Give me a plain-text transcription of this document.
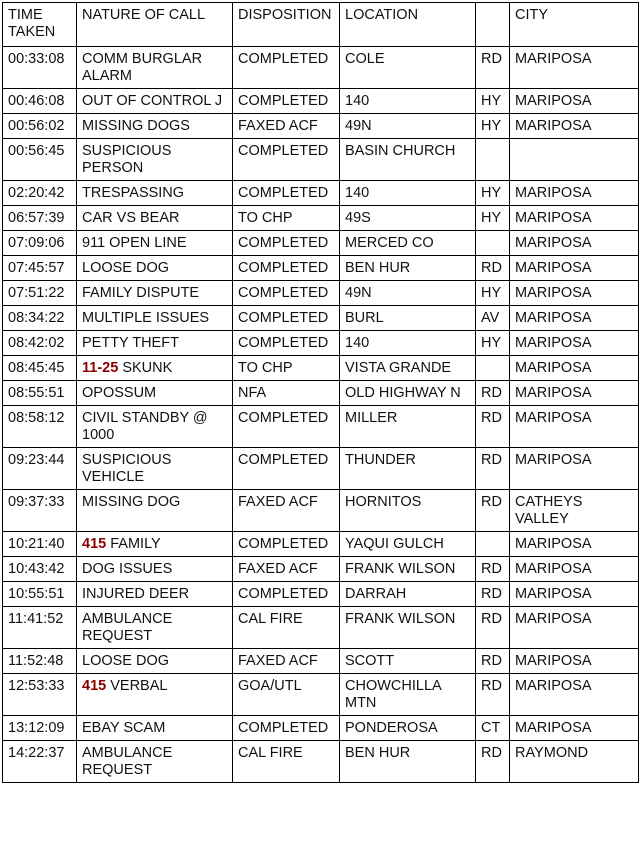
TIME TAKEN	NATURE OF CALL	DISPOSITION	LOCATION		CITY
00:33:08	COMM BURGLAR ALARM	COMPLETED	COLE	RD	MARIPOSA
00:46:08	OUT OF CONTROL J	COMPLETED	140	HY	MARIPOSA
00:56:02	MISSING DOGS	FAXED ACF	49N	HY	MARIPOSA
00:56:45	SUSPICIOUS PERSON	COMPLETED	BASIN CHURCH		
02:20:42	TRESPASSING	COMPLETED	140	HY	MARIPOSA
06:57:39	CAR VS BEAR	TO CHP	49S	HY	MARIPOSA
07:09:06	911 OPEN LINE	COMPLETED	MERCED CO		MARIPOSA
07:45:57	LOOSE DOG	COMPLETED	BEN HUR	RD	MARIPOSA
07:51:22	FAMILY DISPUTE	COMPLETED	49N	HY	MARIPOSA
08:34:22	MULTIPLE ISSUES	COMPLETED	BURL	AV	MARIPOSA
08:42:02	PETTY THEFT	COMPLETED	140	HY	MARIPOSA
08:45:45	11-25 SKUNK	TO CHP	VISTA GRANDE		MARIPOSA
08:55:51	OPOSSUM	NFA	OLD HIGHWAY N	RD	MARIPOSA
08:58:12	CIVIL STANDBY @ 1000	COMPLETED	MILLER	RD	MARIPOSA
09:23:44	SUSPICIOUS VEHICLE	COMPLETED	THUNDER	RD	MARIPOSA
09:37:33	MISSING DOG	FAXED ACF	HORNITOS	RD	CATHEYS VALLEY
10:21:40	415 FAMILY	COMPLETED	YAQUI GULCH		MARIPOSA
10:43:42	DOG ISSUES	FAXED ACF	FRANK WILSON	RD	MARIPOSA
10:55:51	INJURED DEER	COMPLETED	DARRAH	RD	MARIPOSA
11:41:52	AMBULANCE REQUEST	CAL FIRE	FRANK WILSON	RD	MARIPOSA
11:52:48	LOOSE DOG	FAXED ACF	SCOTT	RD	MARIPOSA
12:53:33	415 VERBAL	GOA/UTL	CHOWCHILLA MTN	RD	MARIPOSA
13:12:09	EBAY SCAM	COMPLETED	PONDEROSA	CT	MARIPOSA
14:22:37	AMBULANCE REQUEST	CAL FIRE	BEN HUR	RD	RAYMOND
